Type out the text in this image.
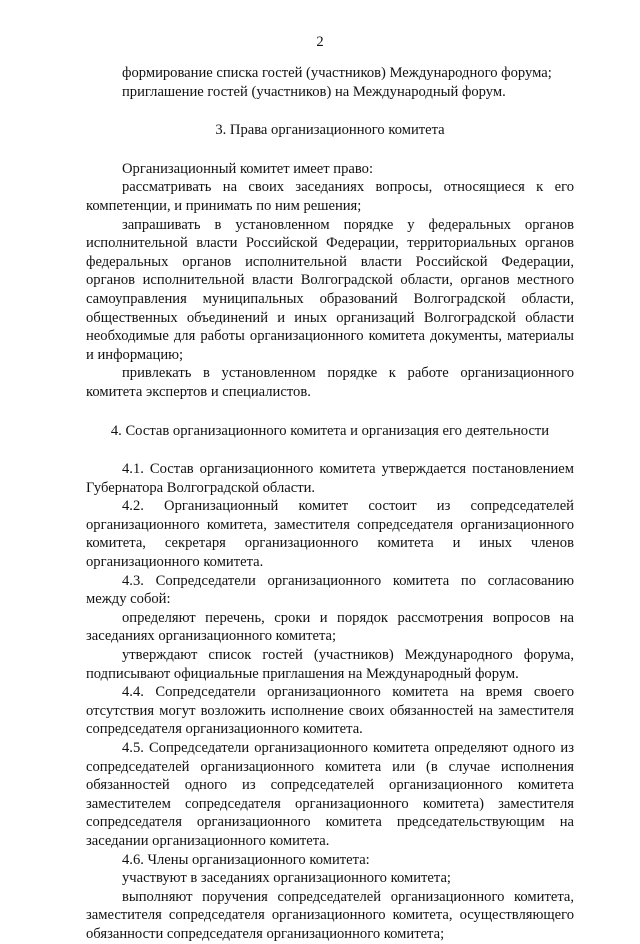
2

формирование списка гостей (участников) Международного форума;

приглашение гостей (участников) на Международный форум.

3. Права организационного комитета

Организационный комитет имеет право:

рассматривать на своих заседаниях вопросы, относящиеся к его компетенции, и принимать по ним решения;

запрашивать в установленном порядке у федеральных органов исполнительной власти Российской Федерации, территориальных органов федеральных органов исполнительной власти Российской Федерации, органов исполнительной власти Волгоградской области, органов местного самоуправления муниципальных образований Волгоградской области, общественных объединений и иных организаций Волгоградской области необходимые для работы организационного комитета документы, материалы и информацию;

привлекать в установленном порядке к работе организационного комитета экспертов и специалистов.

4. Состав организационного комитета и организация его деятельности

4.1. Состав организационного комитета утверждается постановлением Губернатора Волгоградской области.

4.2. Организационный комитет состоит из сопредседателей организационного комитета, заместителя сопредседателя организационного комитета, секретаря организационного комитета и иных членов организационного комитета.

4.3. Сопредседатели организационного комитета по согласованию между собой:

определяют перечень, сроки и порядок рассмотрения вопросов на заседаниях организационного комитета;

утверждают список гостей (участников) Международного форума, подписывают официальные приглашения на Международный форум.

4.4. Сопредседатели организационного комитета на время своего отсутствия могут возложить исполнение своих обязанностей на заместителя сопредседателя организационного комитета.

4.5. Сопредседатели организационного комитета определяют одного из сопредседателей организационного комитета или (в случае исполнения обязанностей одного из сопредседателей организационного комитета заместителем сопредседателя организационного комитета) заместителя сопредседателя организационного комитета председательствующим на заседании организационного комитета.

4.6. Члены организационного комитета:

участвуют в заседаниях организационного комитета;

выполняют поручения сопредседателей организационного комитета, заместителя сопредседателя организационного комитета, осуществляющего обязанности сопредседателя организационного комитета;
